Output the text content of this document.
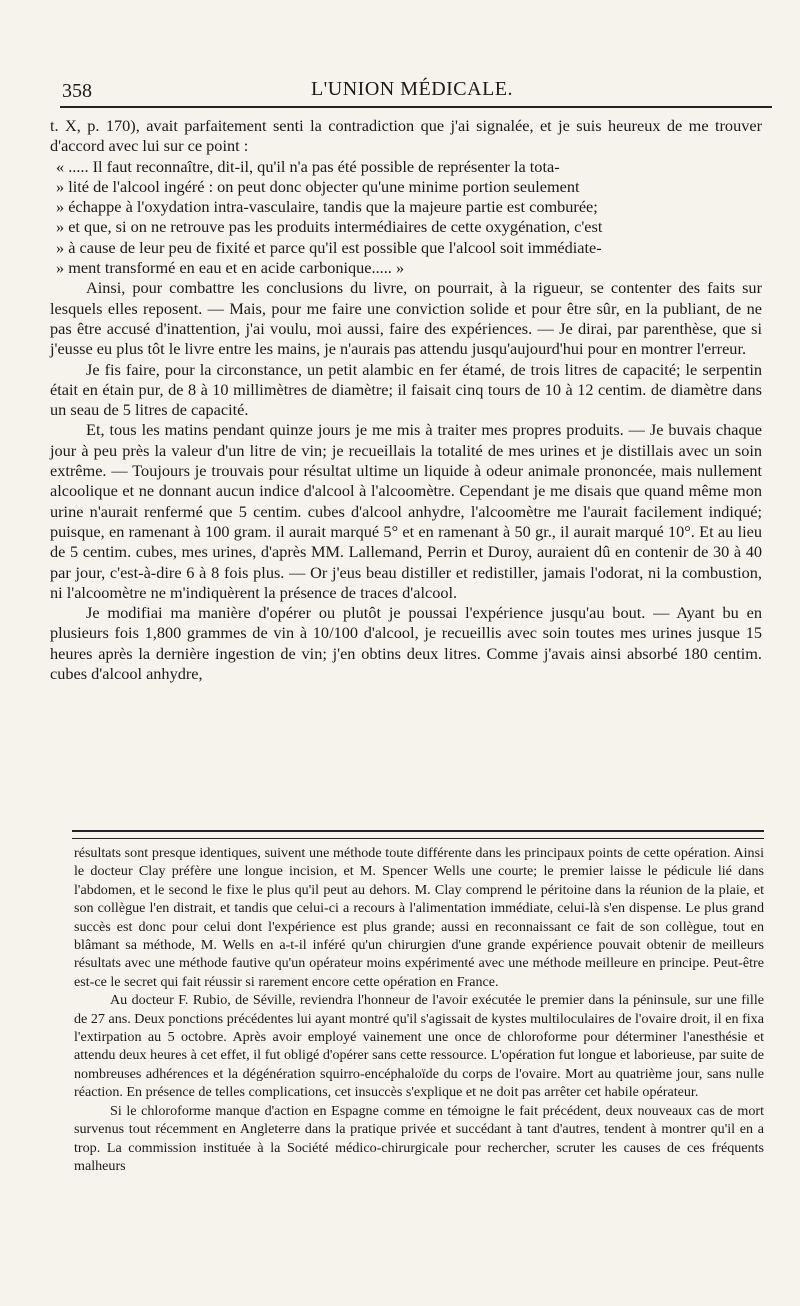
358	L'UNION MÉDICALE.

t. X, p. 170), avait parfaitement senti la contradiction que j'ai signalée, et je suis heureux de me trouver d'accord avec lui sur ce point :

« ..... Il faut reconnaître, dit-il, qu'il n'a pas été possible de représenter la tota-

» lité de l'alcool ingéré : on peut donc objecter qu'une minime portion seulement

» échappe à l'oxydation intra-vasculaire, tandis que la majeure partie est comburée;

» et que, si on ne retrouve pas les produits intermédiaires de cette oxygénation, c'est

» à cause de leur peu de fixité et parce qu'il est possible que l'alcool soit immédiate-

» ment transformé en eau et en acide carbonique..... »

Ainsi, pour combattre les conclusions du livre, on pourrait, à la rigueur, se contenter des faits sur lesquels elles reposent. — Mais, pour me faire une conviction solide et pour être sûr, en la publiant, de ne pas être accusé d'inattention, j'ai voulu, moi aussi, faire des expériences. — Je dirai, par parenthèse, que si j'eusse eu plus tôt le livre entre les mains, je n'aurais pas attendu jusqu'aujourd'hui pour en montrer l'erreur.

Je fis faire, pour la circonstance, un petit alambic en fer étamé, de trois litres de capacité; le serpentin était en étain pur, de 8 à 10 millimètres de diamètre; il faisait cinq tours de 10 à 12 centim. de diamètre dans un seau de 5 litres de capacité.

Et, tous les matins pendant quinze jours je me mis à traiter mes propres produits. — Je buvais chaque jour à peu près la valeur d'un litre de vin; je recueillais la totalité de mes urines et je distillais avec un soin extrême. — Toujours je trouvais pour résultat ultime un liquide à odeur animale prononcée, mais nullement alcoolique et ne donnant aucun indice d'alcool à l'alcoomètre. Cependant je me disais que quand même mon urine n'aurait renfermé que 5 centim. cubes d'alcool anhydre, l'alcoomètre me l'aurait facilement indiqué; puisque, en ramenant à 100 gram. il aurait marqué 5° et en ramenant à 50 gr., il aurait marqué 10°. Et au lieu de 5 centim. cubes, mes urines, d'après MM. Lallemand, Perrin et Duroy, auraient dû en contenir de 30 à 40 par jour, c'est-à-dire 6 à 8 fois plus. — Or j'eus beau distiller et redistiller, jamais l'odorat, ni la combustion, ni l'alcoomètre ne m'indiquèrent la présence de traces d'alcool.

Je modifiai ma manière d'opérer ou plutôt je poussai l'expérience jusqu'au bout. — Ayant bu en plusieurs fois 1,800 grammes de vin à 10/100 d'alcool, je recueillis avec soin toutes mes urines jusque 15 heures après la dernière ingestion de vin; j'en obtins deux litres. Comme j'avais ainsi absorbé 180 centim. cubes d'alcool anhydre,

résultats sont presque identiques, suivent une méthode toute différente dans les principaux points de cette opération. Ainsi le docteur Clay préfère une longue incision, et M. Spencer Wells une courte; le premier laisse le pédicule lié dans l'abdomen, et le second le fixe le plus qu'il peut au dehors. M. Clay comprend le péritoine dans la réunion de la plaie, et son collègue l'en distrait, et tandis que celui-ci a recours à l'alimentation immédiate, celui-là s'en dispense. Le plus grand succès est donc pour celui dont l'expérience est plus grande; aussi en reconnaissant ce fait de son collègue, tout en blâmant sa méthode, M. Wells en a-t-il inféré qu'un chirurgien d'une grande expérience pouvait obtenir de meilleurs résultats avec une méthode fautive qu'un opérateur moins expérimenté avec une méthode meilleure en principe. Peut-être est-ce le secret qui fait réussir si rarement encore cette opération en France.

Au docteur F. Rubio, de Séville, reviendra l'honneur de l'avoir exécutée le premier dans la péninsule, sur une fille de 27 ans. Deux ponctions précédentes lui ayant montré qu'il s'agissait de kystes multiloculaires de l'ovaire droit, il en fixa l'extirpation au 5 octobre. Après avoir employé vainement une once de chloroforme pour déterminer l'anesthésie et attendu deux heures à cet effet, il fut obligé d'opérer sans cette ressource. L'opération fut longue et laborieuse, par suite de nombreuses adhérences et la dégénération squirro-encéphaloïde du corps de l'ovaire. Mort au quatrième jour, sans nulle réaction. En présence de telles complications, cet insuccès s'explique et ne doit pas arrêter cet habile opérateur.

Si le chloroforme manque d'action en Espagne comme en témoigne le fait précédent, deux nouveaux cas de mort survenus tout récemment en Angleterre dans la pratique privée et succédant à tant d'autres, tendent à montrer qu'il en a trop. La commission instituée à la Société médico-chirurgicale pour rechercher, scruter les causes de ces fréquents malheurs
